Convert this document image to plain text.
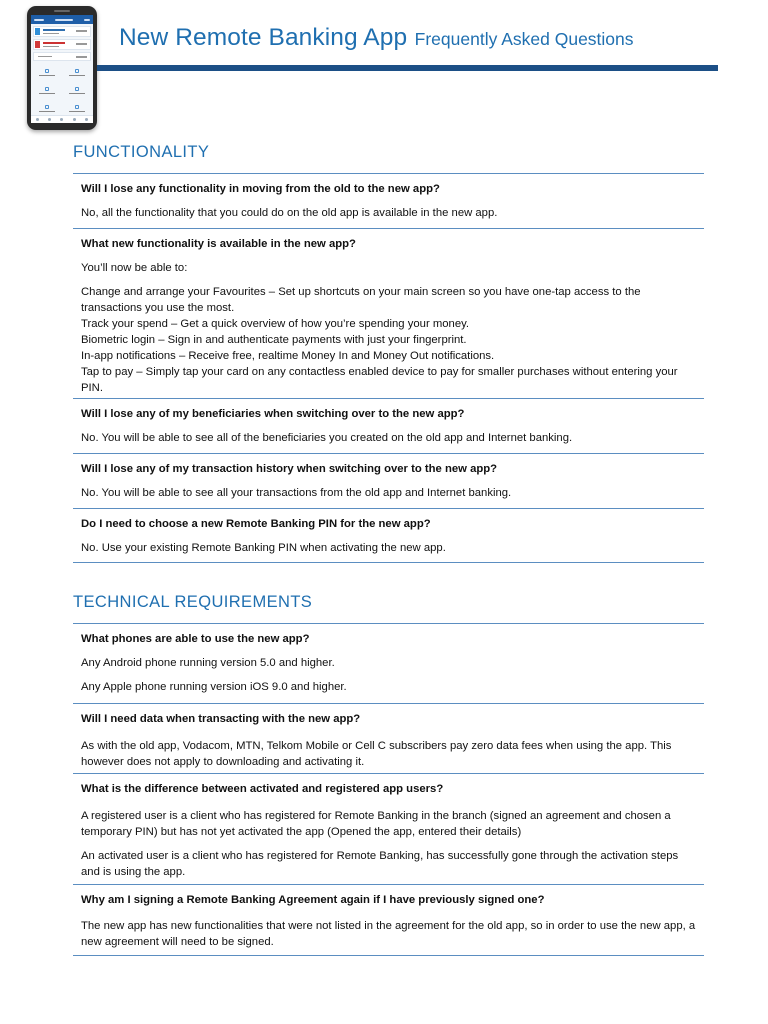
New Remote Banking App Frequently Asked Questions
FUNCTIONALITY
Will I lose any functionality in moving from the old to the new app?
No, all the functionality that you could do on the old app is available in the new app.
What new functionality is available in the new app?
You’ll now be able to:
Change and arrange your Favourites – Set up shortcuts on your main screen so you have one-tap access to the transactions you use the most.
Track your spend – Get a quick overview of how you’re spending your money.
Biometric login – Sign in and authenticate payments with just your fingerprint.
In-app notifications – Receive free, realtime Money In and Money Out notifications.
Tap to pay – Simply tap your card on any contactless enabled device to pay for smaller purchases without entering your PIN.
Will I lose any of my beneficiaries when switching over to the new app?
No. You will be able to see all of the beneficiaries you created on the old app and Internet banking.
Will I lose any of my transaction history when switching over to the new app?
No. You will be able to see all your transactions from the old app and Internet banking.
Do I need to choose a new Remote Banking PIN for the new app?
No. Use your existing Remote Banking PIN when activating the new app.
TECHNICAL REQUIREMENTS
What phones are able to use the new app?
Any Android phone running version 5.0 and higher.
Any Apple phone running version iOS 9.0 and higher.
Will I need data when transacting with the new app?
As with the old app, Vodacom, MTN, Telkom Mobile or Cell C subscribers pay zero data fees when using the app. This however does not apply to downloading and activating it.
What is the difference between activated and registered app users?
A registered user is a client who has registered for Remote Banking in the branch (signed an agreement and chosen a temporary PIN) but has not yet activated the app (Opened the app, entered their details)
An activated user is a client who has registered for Remote Banking, has successfully gone through the activation steps and is using the app.
Why am I signing a Remote Banking Agreement again if I have previously signed one?
The new app has new functionalities that were not listed in the agreement for the old app, so in order to use the new app, a new agreement will need to be signed.
